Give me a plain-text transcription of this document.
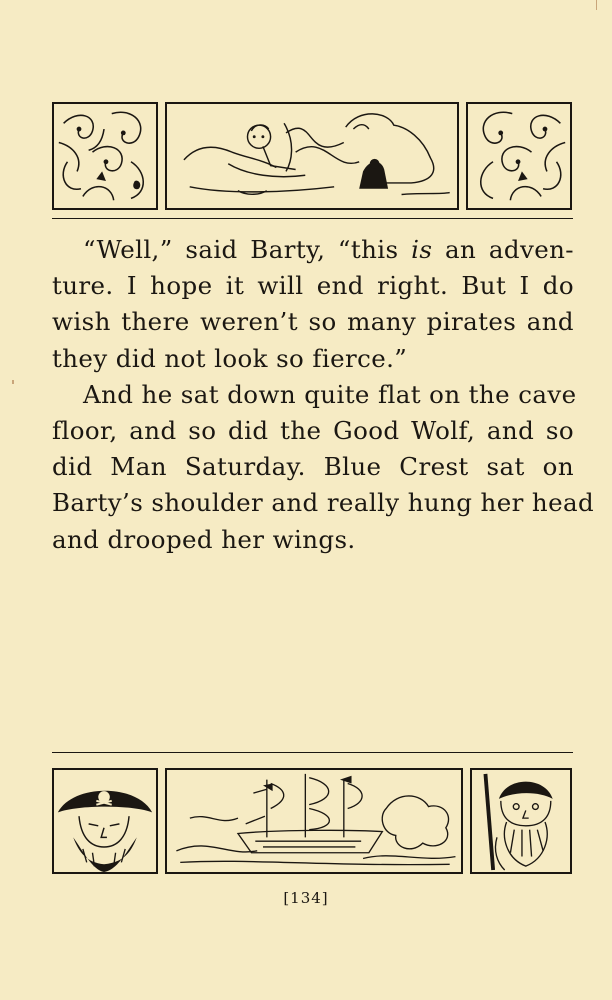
“Well,” said Barty, “this is an adven-
ture. I hope it will end right. But I do
wish there weren’t so many pirates and
they did not look so fierce.”
And he sat down quite flat on the cave
floor, and so did the Good Wolf, and so
did Man Saturday. Blue Crest sat on
Barty’s shoulder and really hung her head
and drooped her wings.
[134]
